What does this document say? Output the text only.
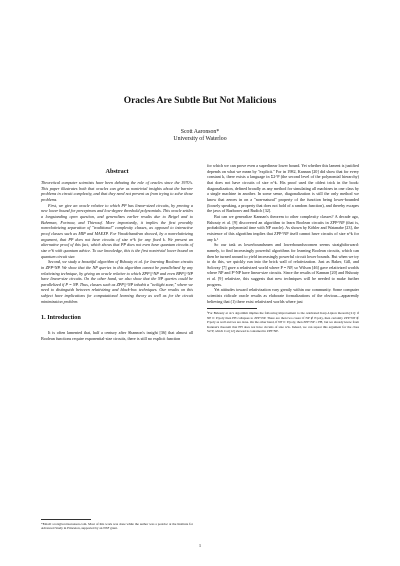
Oracles Are Subtle But Not Malicious
Scott Aaronson*
University of Waterloo
Abstract

Theoretical computer scientists have been debating the role of oracles since the 1970's. This paper illustrates both that oracles can give us nontrivial insights about the barrier problems in circuit complexity, and that they need not prevent us from trying to solve those problems.

First, we give an oracle relative to which PP has linear-sized circuits, by proving a new lower bound for perceptrons and low-degree threshold polynomials. This oracle settles a longstanding open question, and generalizes earlier results due to Beigel and to Buhrman, Fortnow, and Thierauf. More importantly, it implies the first provably nonrelativizing separation of "traditional" complexity classes, as opposed to interactive proof classes such as MIP and MAEXP. For Vinodchandran showed, by a nonrelativizing argument, that PP does not have circuits of size n^k for any fixed k. We present an alternative proof of this fact, which shows that PP does not even have quantum circuits of size n^k with quantum advice. To our knowledge, this is the first nontrivial lower bound on quantum circuit size.

Second, we study a beautiful algorithm of Bshouty et al. for learning Boolean circuits in ZPP^NP. We show that the NP queries in this algorithm cannot be parallelized by any relativizing technique, by giving an oracle relative to which ZPP||^NP and even BPP||^NP have linear-size circuits. On the other hand, we also show that the NP queries could be parallelized if P = NP. Thus, classes such as ZPP||^NP inhabit a "twilight zone," where we need to distinguish between relativizing and black-box techniques. Our results on this subject have implications for computational learning theory as well as for the circuit minimization problem.

1. Introduction

It is often lamented that, half a century after Shannon's insight [36] that almost all Boolean functions require exponential-size circuits, there is still no explicit function

*Email: scott@scottaaronson.com. Most of this work was done while the author was a postdoc at the Institute for Advanced Study in Princeton, supported by an NSF grant.

for which we can prove even a superlinear lower bound. Yet whether this lament is justified depends on what we mean by "explicit." For in 1982, Kannan [20] did show that for every constant k, there exists a language in Σ2^P (the second level of the polynomial hierarchy) that does not have circuits of size n^k. His proof used the oldest trick in the book: diagonalization, defined broadly as any method for simulating all machines in one class by a single machine in another. In some sense, diagonalization is still the only method we know that zeroes in on a "non-natural" property of the function being lower-bounded (loosely speaking, a property that does not hold of a random function), and thereby escapes the jaws of Razborov and Rudich [32].

But can we generalize Kannan's theorem to other complexity classes? A decade ago, Bshouty et al. [9] discovered an algorithm to learn Boolean circuits in ZPP^NP (that is, probabilistic polynomial time with NP oracle). As shown by Köbler and Watanabe [23], the existence of this algorithm implies that ZPP^NP itself cannot have circuits of size n^k for any k.¹

So our task as lowerboundsmen and lowerboundswomen seems straightforward: namely, to find increasingly powerful algorithms for learning Boolean circuits, which can then be turned around to yield increasingly powerful circuit lower bounds. But when we try to do this, we quickly run into the brick wall of relativization. Just as Baker, Gill, and Solovay [7] gave a relativized world where P = NP, so Wilson [46] gave relativized worlds where NP and P^NP have linear-size circuits. Since the results of Kannan [20] and Bshouty et al. [9] relativize, this suggests that new techniques will be needed to make further progress.

Yet attitudes toward relativization vary greatly within our community. Some computer scientists ridicule oracle results as elaborate formalizations of the obvious—apparently believing that (1) there exist relativized worlds where just

¹For Bshouty et al.'s algorithm implies the following improvement to the celebrated Karp-Lipton theorem [21]: if NP ⊂ P/poly then PH collapses to ZPP^NP. There are then two cases: if NP ⊄ P/poly, then certainly ZPP^NP ⊄ P/poly as well and we are done. On the other hand, if NP ⊂ P/poly, then ZPP^NP = PH, but we already know from Kannan's theorem that PH does not have circuits of size n^k. Indeed, we can repeat this argument for the class S2^P, which Cai [12] showed is contained in ZPP^NP.

1
